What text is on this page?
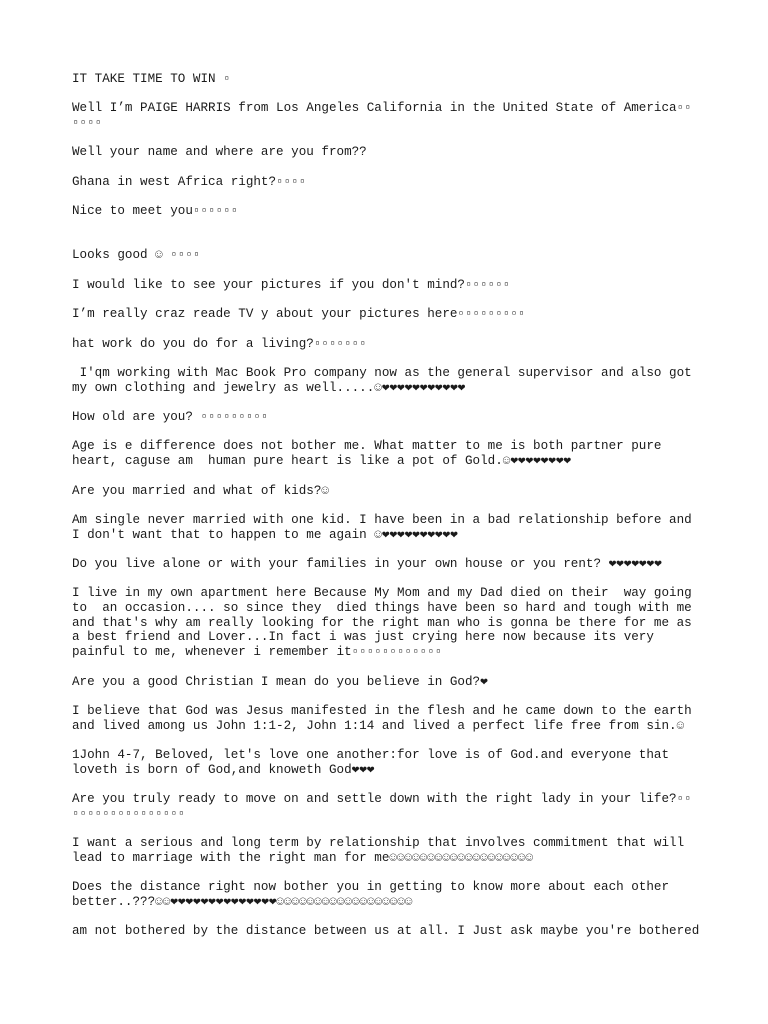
IT TAKE TIME TO WIN ▫

Well I’m PAIGE HARRIS from Los Angeles California in the United State of America▫▫
▫▫▫▫

Well your name and where are you from??

Ghana in west Africa right?▫▫▫▫

Nice to meet you▫▫▫▫▫▫

Looks good ☺ ▫▫▫▫

I would like to see your pictures if you don't mind?▫▫▫▫▫▫

I’m really craz reade TV y about your pictures here▫▫▫▫▫▫▫▫▫

hat work do you do for a living?▫▫▫▫▫▫▫

I'qm working with Mac Book Pro company now as the general supervisor and also got
my own clothing and jewelry as well.....☺❤❤❤❤❤❤❤❤❤❤❤

How old are you? ▫▫▫▫▫▫▫▫▫

Age is e difference does not bother me. What matter to me is both partner pure
heart, caguse am  human pure heart is like a pot of Gold.☺❤❤❤❤❤❤❤❤

Are you married and what of kids?☺

Am single never married with one kid. I have been in a bad relationship before and
I don't want that to happen to me again ☺❤❤❤❤❤❤❤❤❤❤

Do you live alone or with your families in your own house or you rent? ❤❤❤❤❤❤❤

I live in my own apartment here Because My Mom and my Dad died on their  way going
to  an occasion.... so since they  died things have been so hard and tough with me
and that's why am really looking for the right man who is gonna be there for me as
a best friend and Lover...In fact i was just crying here now because its very
painful to me, whenever i remember it▫▫▫▫▫▫▫▫▫▫▫▫

Are you a good Christian I mean do you believe in God?❤

I believe that God was Jesus manifested in the flesh and he came down to the earth
and lived among us John 1:1-2, John 1:14 and lived a perfect life free from sin.☺

1John 4-7, Beloved, let's love one another:for love is of God.and everyone that
loveth is born of God,and knoweth God❤❤❤

Are you truly ready to move on and settle down with the right lady in your life?▫▫
▫▫▫▫▫▫▫▫▫▫▫▫▫▫▫

I want a serious and long term by relationship that involves commitment that will
lead to marriage with the right man for me☺☺☺☺☺☺☺☺☺☺☺☺☺☺☺☺☺☺☺

Does the distance right now bother you in getting to know more about each other
better..???☺☺❤❤❤❤❤❤❤❤❤❤❤❤❤❤☺☺☺☺☺☺☺☺☺☺☺☺☺☺☺☺☺☺

am not bothered by the distance between us at all. I Just ask maybe you're bothered
